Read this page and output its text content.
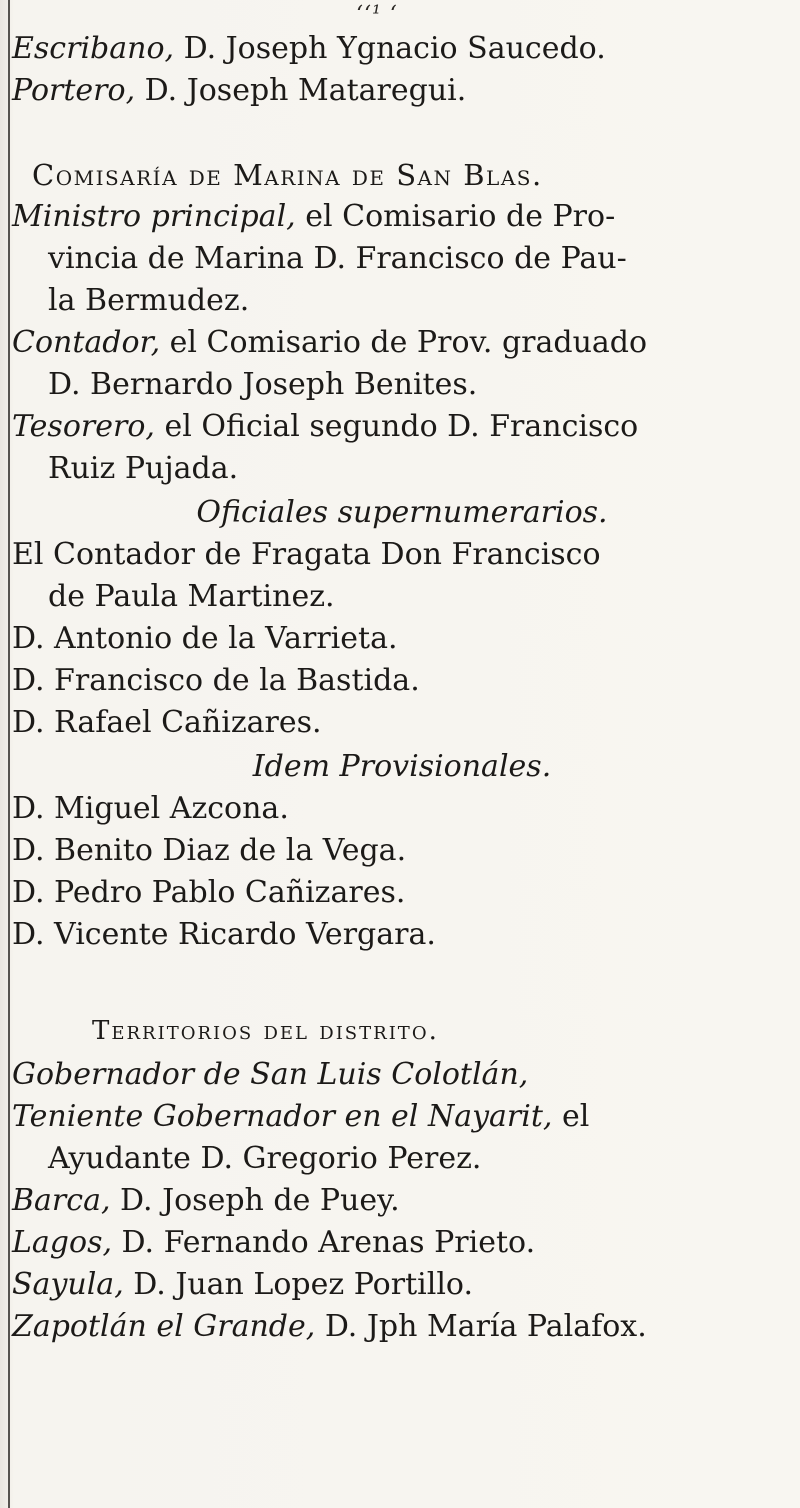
ʻʻ¹ ʻ
Escribano, D. Joseph Ygnacio Saucedo.
Portero, D. Joseph Mataregui.
Comisaría de Marina de San Blas.
Ministro principal, el Comisario de Pro-
vincia de Marina D. Francisco de Pau-
la Bermudez.
Contador, el Comisario de Prov. graduado
D. Bernardo Joseph Benites.
Tesorero, el Oficial segundo D. Francisco
Ruiz Pujada.
Oficiales supernumerarios.
El Contador de Fragata Don Francisco
de Paula Martinez.
D. Antonio de la Varrieta.
D. Francisco de la Bastida.
D. Rafael Cañizares.
Idem Provisionales.
D. Miguel Azcona.
D. Benito Diaz de la Vega.
D. Pedro Pablo Cañizares.
D. Vicente Ricardo Vergara.
Territorios del distrito.
Gobernador de San Luis Colotlán,
Teniente Gobernador en el Nayarit, el
Ayudante D. Gregorio Perez.
Barca, D. Joseph de Puey.
Lagos, D. Fernando Arenas Prieto.
Sayula, D. Juan Lopez Portillo.
Zapotlán el Grande, D. Jph María Palafox.
